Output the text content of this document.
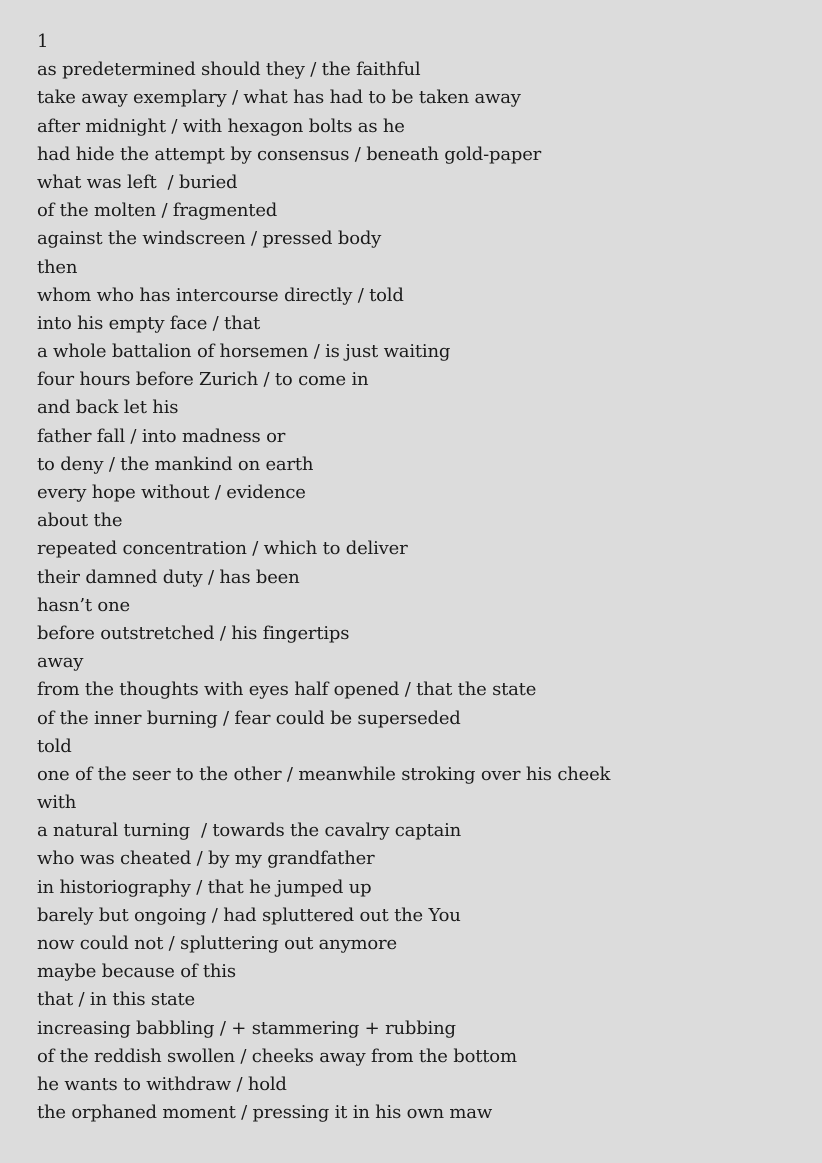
1
as predetermined should they / the faithful
take away exemplary / what has had to be taken away
after midnight / with hexagon bolts as he
had hide the attempt by consensus / beneath gold-paper
what was left  / buried
of the molten / fragmented
against the windscreen / pressed body
then
whom who has intercourse directly / told
into his empty face / that
a whole battalion of horsemen / is just waiting
four hours before Zurich / to come in
and back let his
father fall / into madness or
to deny / the mankind on earth
every hope without / evidence
about the
repeated concentration / which to deliver
their damned duty / has been
hasn’t one
before outstretched / his fingertips
away
from the thoughts with eyes half opened / that the state
of the inner burning / fear could be superseded
told
one of the seer to the other / meanwhile stroking over his cheek
with
a natural turning  / towards the cavalry captain
who was cheated / by my grandfather
in historiography / that he jumped up
barely but ongoing / had spluttered out the You
now could not / spluttering out anymore
maybe because of this
that / in this state
increasing babbling / + stammering + rubbing
of the reddish swollen / cheeks away from the bottom
he wants to withdraw / hold
the orphaned moment / pressing it in his own maw
